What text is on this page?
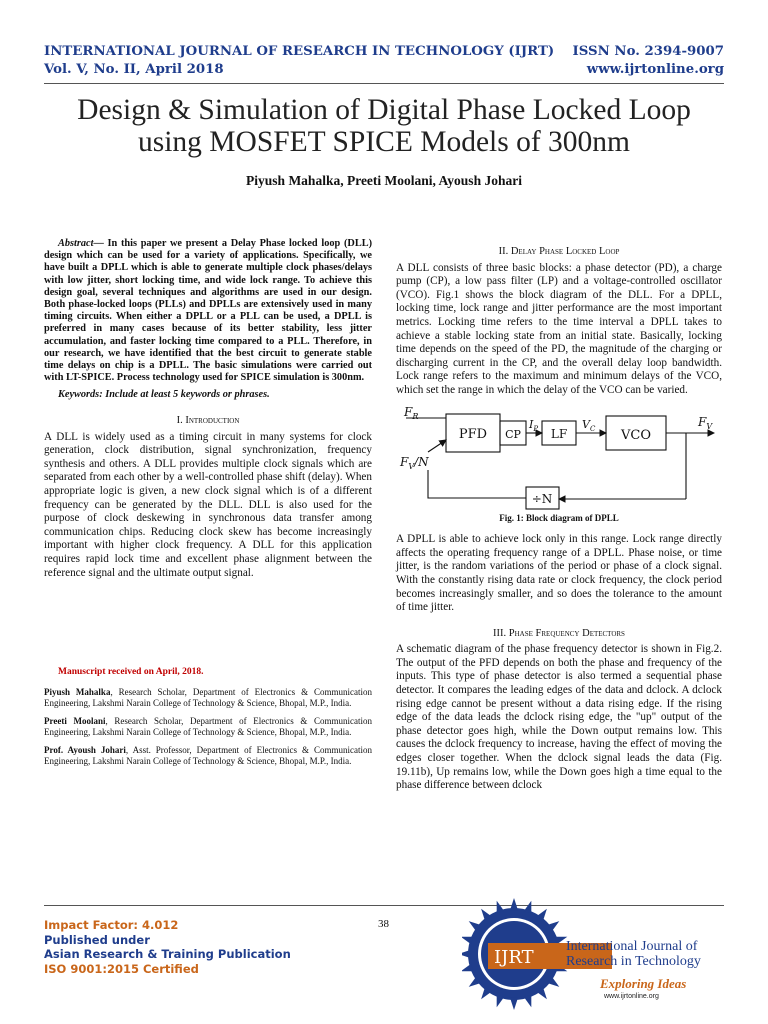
INTERNATIONAL JOURNAL OF RESEARCH IN TECHNOLOGY (IJRT) ISSN No. 2394-9007
Vol. V, No. II, April 2018	www.ijrtonline.org
Design & Simulation of Digital Phase Locked Loop
using MOSFET SPICE Models of 300nm
Piyush Mahalka, Preeti Moolani, Ayoush Johari

Abstract— In this paper we present a Delay Phase locked loop (DLL) design which can be used for a variety of applications. Specifically, we have built a DPLL which is able to generate multiple clock phases/delays with low jitter, short locking time, and wide lock range. To achieve this design goal, several techniques and algorithms are used in our design. Both phase-locked loops (PLLs) and DPLLs are extensively used in many timing circuits. When either a DPLL or a PLL can be used, a DPLL is preferred in many cases because of its better stability, less jitter accumulation, and faster locking time compared to a PLL. Therefore, in our research, we have identified that the best circuit to generate stable time delays on chip is a DPLL. The basic simulations were carried out with LT-SPICE. Process technology used for SPICE simulation is 300nm.

Keywords: Include at least 5 keywords or phrases.

I. Introduction

A DLL is widely used as a timing circuit in many systems for clock generation, clock distribution, signal synchronization, frequency synthesis and others. A DLL provides multiple clock signals which are separated from each other by a well-controlled phase shift (delay). When appropriate logic is given, a new clock signal which is of a different frequency can be generated by the DLL. DLL is also used for the purpose of clock deskewing in synchronous data transfer among communication chips. Reducing clock skew has become increasingly important with higher clock frequency. A DLL for this application requires rapid lock time and excellent phase alignment between the reference signal and the ultimate output signal.

Manuscript received on April, 2018.

Piyush Mahalka, Research Scholar, Department of Electronics & Communication Engineering, Lakshmi Narain College of Technology & Science, Bhopal, M.P., India.

Preeti Moolani, Research Scholar, Department of Electronics & Communication Engineering, Lakshmi Narain College of Technology & Science, Bhopal, M.P., India.

Prof. Ayoush Johari, Asst. Professor, Department of Electronics & Communication Engineering, Lakshmi Narain College of Technology & Science, Bhopal, M.P., India.

II. Delay Phase Locked Loop

A DLL consists of three basic blocks: a phase detector (PD), a charge pump (CP), a low pass filter (LP) and a voltage-controlled oscillator (VCO). Fig.1 shows the block diagram of the DLL. For a DPLL, locking time, lock range and jitter performance are the most important metrics. Locking time refers to the time interval a DPLL takes to achieve a stable locking state from an initial state. Basically, locking time depends on the speed of the PD, the magnitude of the charging or discharging current in the CP, and the overall delay loop bandwidth. Lock range refers to the maximum and minimum delays of the VCO, which set the range in which the delay of the VCO can be varied.

$F_R$
$F_V/N$
PFD CP
$I_P$ LF
$V_C$ VCO
$F_V$
÷N

Fig. 1: Block diagram of DPLL

A DPLL is able to achieve lock only in this range. Lock range directly affects the operating frequency range of a DPLL. Phase noise, or time jitter, is the random variations of the period or phase of a clock signal. With the constantly rising data rate or clock frequency, the clock period becomes increasingly smaller, and so does the tolerance to the amount of time jitter.

III. Phase Frequency Detectors

A schematic diagram of the phase frequency detector is shown in Fig.2. The output of the PFD depends on both the phase and frequency of the inputs. This type of phase detector is also termed a sequential phase detector. It compares the leading edges of the data and dclock. A dclock rising edge cannot be present without a data rising edge. If the rising edge of the data leads the dclock rising edge, the "up" output of the phase detector goes high, while the Down output remains low. This causes the dclock frequency to increase, having the effect of moving the edges closer together. When the dclock signal leads the data (Fig. 19.11b), Up remains low, while the Down goes high a time equal to the phase difference between dclock

Impact Factor: 4.012
Published under
Asian Research & Training Publication
ISO 9001:2015 Certified
38
IJRT
International Journal of
Research in Technology
Exploring Ideas
www.ijrtonline.org
